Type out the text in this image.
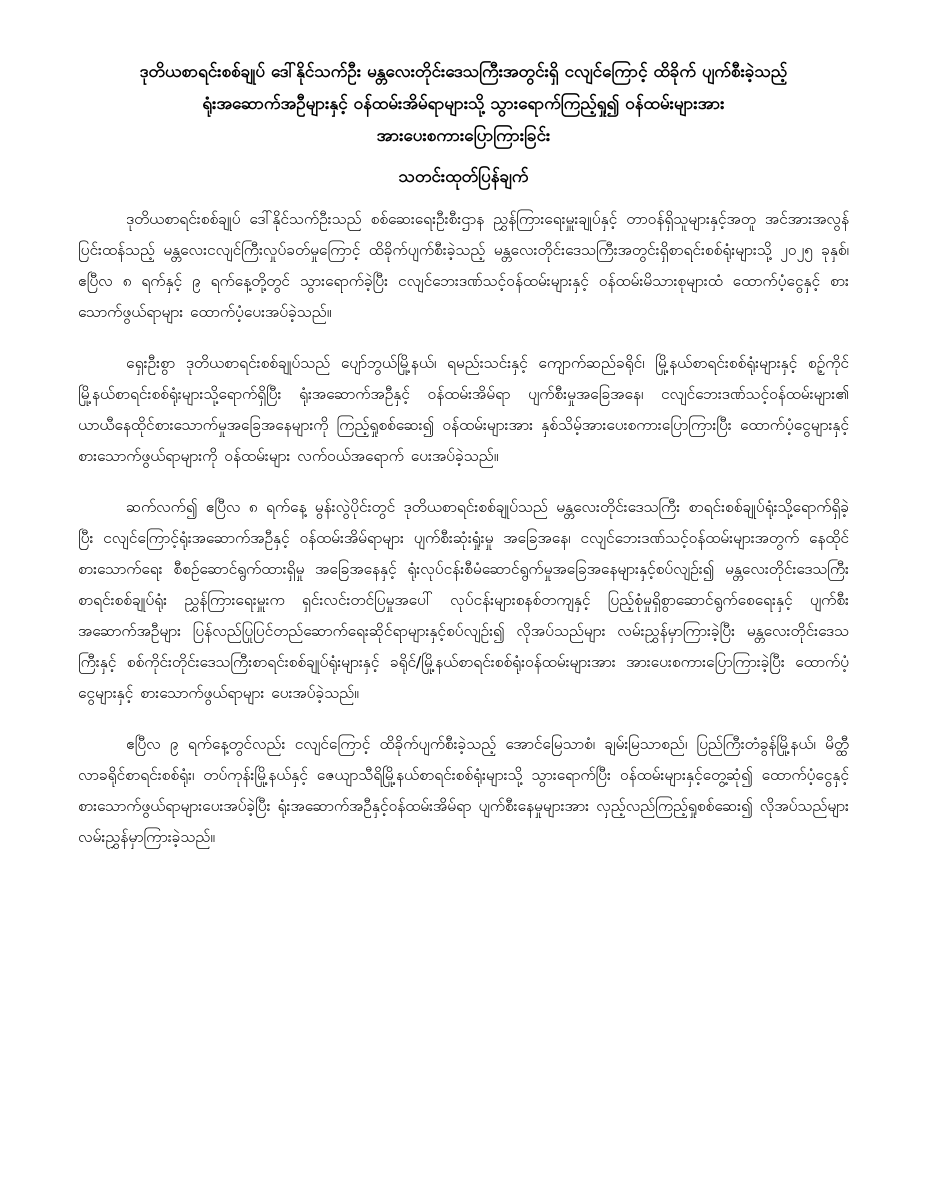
ဒုတိယစာရင်းစစ်ချုပ် ဒေါ်နိုင်သက်ဦး မန္တလေးတိုင်းဒေသကြီးအတွင်းရှိ ငလျင်ကြောင့် ထိခိုက် ပျက်စီးခဲ့သည့်
ရုံးအဆောက်အဦများနှင့် ဝန်ထမ်းအိမ်ရာများသို့ သွားရောက်ကြည့်ရှု၍ ဝန်ထမ်းများအား
အားပေးစကားပြောကြားခြင်း
သတင်းထုတ်ပြန်ချက်

ဒုတိယစာရင်းစစ်ချုပ် ဒေါ်နိုင်သက်ဦးသည် စစ်ဆေးရေးဦးစီးဌာန ညွှန်ကြားရေးမှူးချုပ်နှင့် တာဝန်ရှိသူများနှင့်အတူ အင်အားအလွန်ပြင်းထန်သည့် မန္တလေးငလျင်ကြီးလှုပ်ခတ်မှုကြောင့် ထိခိုက်ပျက်စီးခဲ့သည့် မန္တလေးတိုင်းဒေသကြီးအတွင်းရှိစာရင်းစစ်ရုံးများသို့ ၂၀၂၅ ခုနှစ်၊ ဧပြီလ ၈ ရက်နှင့် ၉ ရက်နေ့တို့တွင် သွားရောက်ခဲ့ပြီး ငလျင်ဘေးဒဏ်သင့်ဝန်ထမ်းများနှင့် ဝန်ထမ်းမိသားစုများထံ ထောက်ပံ့ငွေနှင့် စားသောက်ဖွယ်ရာများ ထောက်ပံ့ပေးအပ်ခဲ့သည်။

ရှေးဦးစွာ ဒုတိယစာရင်းစစ်ချုပ်သည် ပျော်ဘွယ်မြို့နယ်၊ ရမည်းသင်းနှင့် ကျောက်ဆည်ခရိုင်၊ မြို့နယ်စာရင်းစစ်ရုံးများနှင့် စဥ့်ကိုင်မြို့နယ်စာရင်းစစ်ရုံးများသို့ရောက်ရှိပြီး ရုံးအဆောက်အဦနှင့် ဝန်ထမ်းအိမ်ရာ ပျက်စီးမှုအခြေအနေ၊ ငလျင်ဘေးဒဏ်သင့်ဝန်ထမ်းများ၏ ယာယီနေထိုင်စားသောက်မှုအခြေအနေများကို ကြည့်ရှုစစ်ဆေး၍ ဝန်ထမ်းများအား နှစ်သိမ့်အားပေးစကားပြောကြားပြီး ထောက်ပံ့ငွေများနှင့် စားသောက်ဖွယ်ရာများကို ဝန်ထမ်းများ လက်ဝယ်အရောက် ပေးအပ်ခဲ့သည်။

ဆက်လက်၍ ဧပြီလ ၈ ရက်နေ့ မွန်းလွဲပိုင်းတွင် ဒုတိယစာရင်းစစ်ချုပ်သည် မန္တလေးတိုင်းဒေသကြီး စာရင်းစစ်ချုပ်ရုံးသို့ရောက်ရှိခဲ့ပြီး ငလျင်ကြောင့်ရုံးအဆောက်အဦနှင့် ဝန်ထမ်းအိမ်ရာများ ပျက်စီးဆုံးရှုံးမှု အခြေအနေ၊ ငလျင်ဘေးဒဏ်သင့်ဝန်ထမ်းများအတွက် နေထိုင်စားသောက်ရေး စီစဥ်ဆောင်ရွက်ထားရှိမှု အခြေအနေနှင့် ရုံးလုပ်ငန်းစီမံဆောင်ရွက်မှုအခြေအနေများနှင့်စပ်လျဥ်း၍ မန္တလေးတိုင်းဒေသကြီးစာရင်းစစ်ချုပ်ရုံး ညွှန်ကြားရေးမှူးက ရှင်းလင်းတင်ပြမှုအပေါ် လုပ်ငန်းများစနစ်တကျနှင့် ပြည့်စုံမှုရှိစွာဆောင်ရွက်စေရေးနှင့် ပျက်စီးအဆောက်အဦများ ပြန်လည်ပြုပြင်တည်ဆောက်ရေးဆိုင်ရာများနှင့်စပ်လျဥ်း၍ လိုအပ်သည်များ လမ်းညွှန်မှာကြားခဲ့ပြီး မန္တလေးတိုင်းဒေသကြီးနှင့် စစ်ကိုင်းတိုင်းဒေသကြီးစာရင်းစစ်ချုပ်ရုံးများနှင့် ခရိုင်/မြို့နယ်စာရင်းစစ်ရုံးဝန်ထမ်းများအား အားပေးစကားပြောကြားခဲ့ပြီး ထောက်ပံ့ငွေများနှင့် စားသောက်ဖွယ်ရာများ ပေးအပ်ခဲ့သည်။

ဧပြီလ ၉ ရက်နေ့တွင်လည်း ငလျင်ကြောင့် ထိခိုက်ပျက်စီးခဲ့သည့် အောင်မြေသာစံ၊ ချမ်းမြသာစည်၊ ပြည်ကြီးတံခွန်မြို့နယ်၊ မိတ္ထီလာခရိုင်စာရင်းစစ်ရုံး၊ တပ်ကုန်းမြို့နယ်နှင့် ဇေယျာသီရိမြို့နယ်စာရင်းစစ်ရုံးများသို့ သွားရောက်ပြီး ဝန်ထမ်းများနှင့်တွေ့ဆုံ၍ ထောက်ပံ့ငွေနှင့် စားသောက်ဖွယ်ရာများပေးအပ်ခဲ့ပြီး ရုံးအဆောက်အဦနှင့်ဝန်ထမ်းအိမ်ရာ ပျက်စီးနေမှုများအား လှည့်လည်ကြည့်ရှုစစ်ဆေး၍ လိုအပ်သည်များ လမ်းညွှန်မှာကြားခဲ့သည်။
